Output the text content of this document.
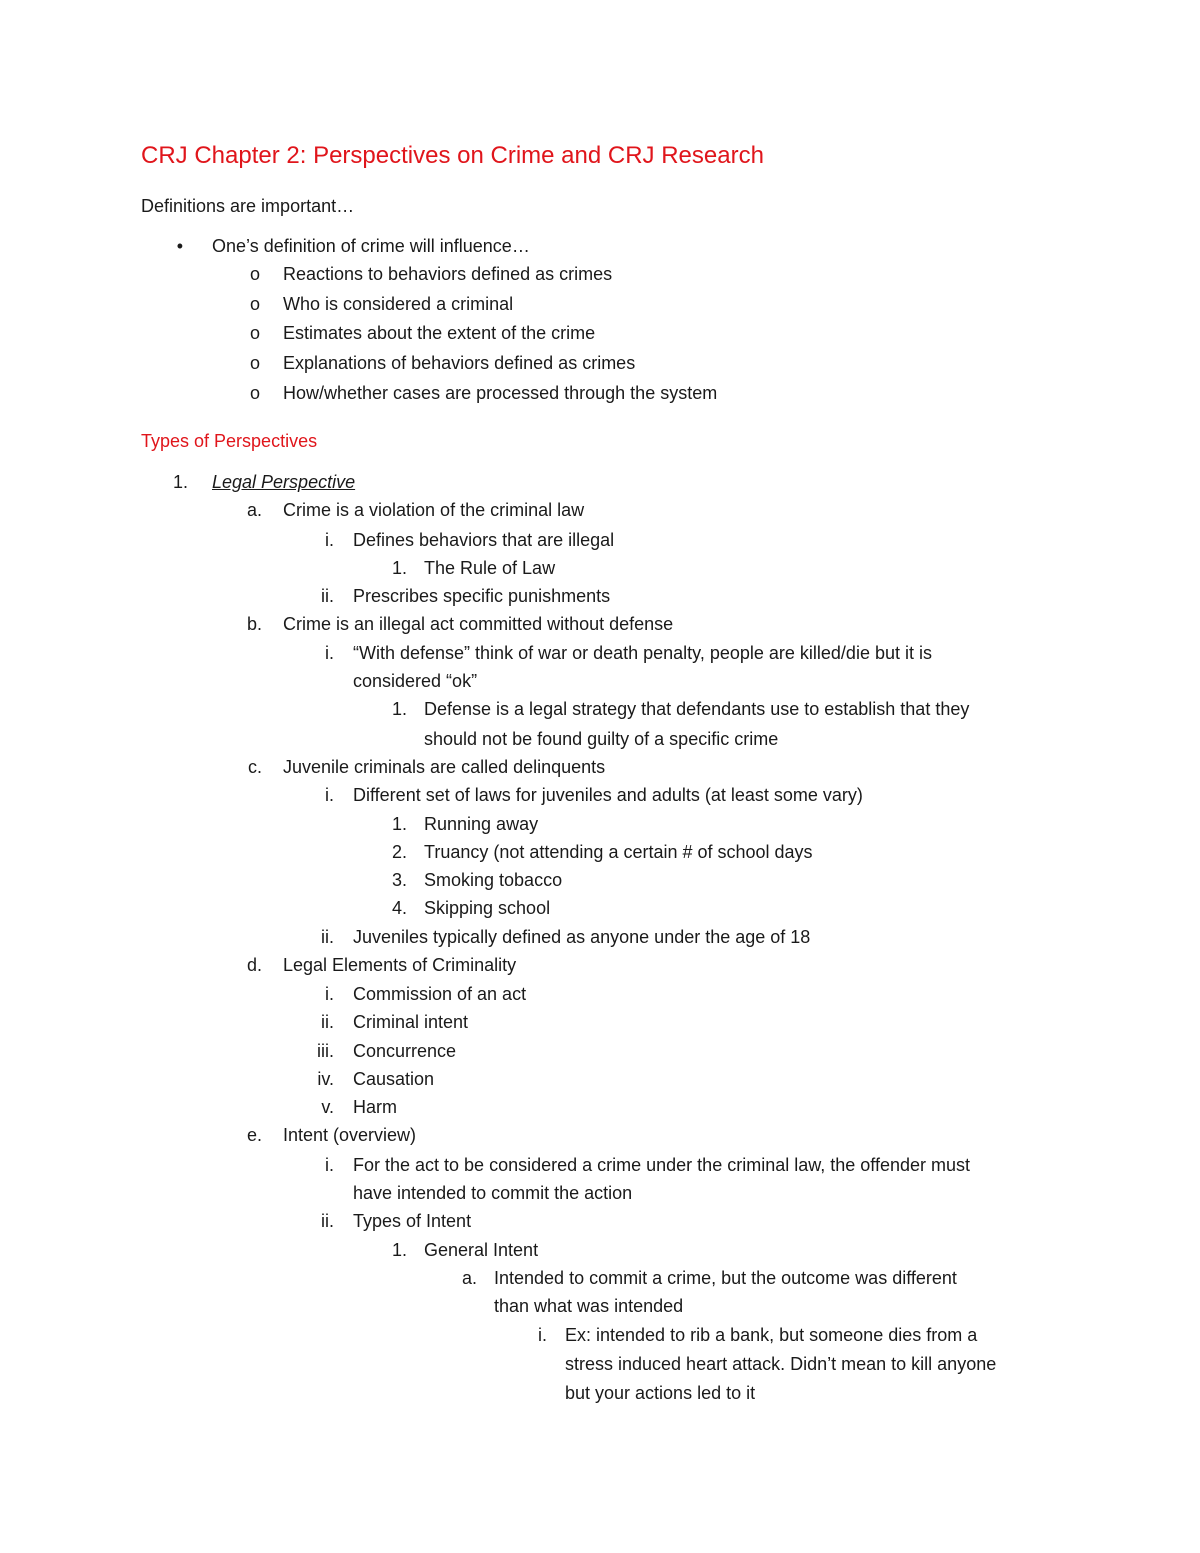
CRJ Chapter 2: Perspectives on Crime and CRJ Research
Definitions are important…
Types of Perspectives
• One’s definition of crime will influence…
o Reactions to behaviors defined as crimes
o Who is considered a criminal
o Estimates about the extent of the crime
o Explanations of behaviors defined as crimes
o How/whether cases are processed through the system
1. Legal Perspective
a. Crime is a violation of the criminal law
i. Defines behaviors that are illegal
1. The Rule of Law
ii. Prescribes specific punishments
b. Crime is an illegal act committed without defense
i. “With defense” think of war or death penalty, people are killed/die but it is
considered “ok”
1. Defense is a legal strategy that defendants use to establish that they
should not be found guilty of a specific crime
c. Juvenile criminals are called delinquents
i. Different set of laws for juveniles and adults (at least some vary)
1. Running away
2. Truancy (not attending a certain # of school days
3. Smoking tobacco
4. Skipping school
ii. Juveniles typically defined as anyone under the age of 18
d. Legal Elements of Criminality
i. Commission of an act
ii. Criminal intent
iii. Concurrence
iv. Causation
v. Harm
e. Intent (overview)
i. For the act to be considered a crime under the criminal law, the offender must
have intended to commit the action
ii. Types of Intent
1. General Intent
a. Intended to commit a crime, but the outcome was different
than what was intended
i. Ex: intended to rib a bank, but someone dies from a
stress induced heart attack. Didn’t mean to kill anyone
but your actions led to it
